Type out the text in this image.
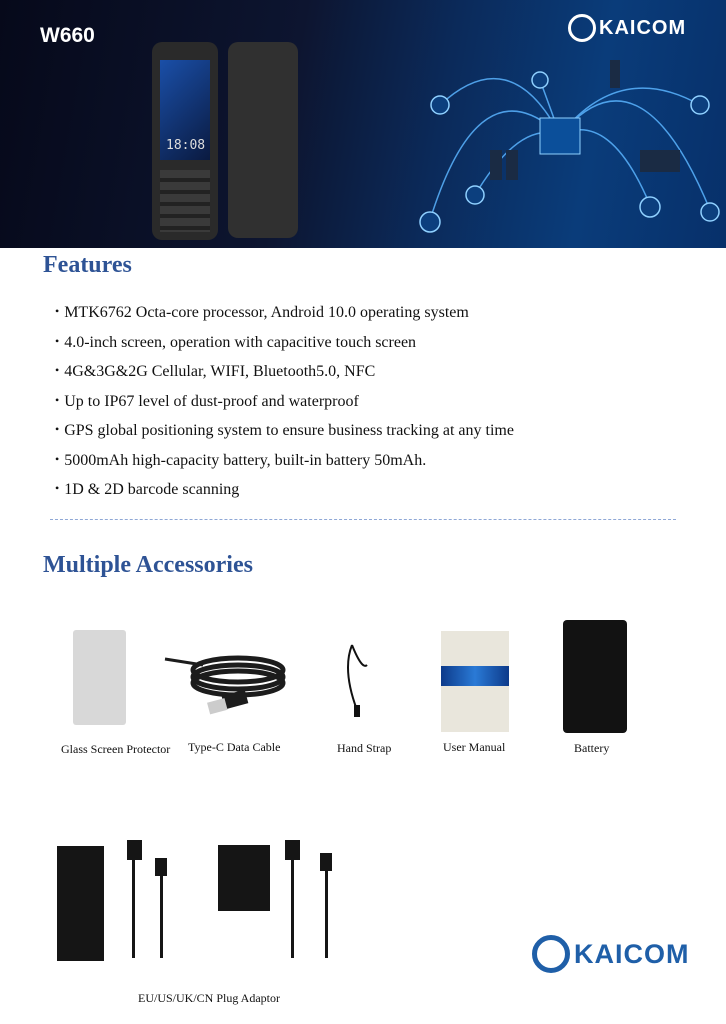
W660	KAICOM
18:08
Features
• MTK6762 Octa-core processor, Android 10.0 operating system
• 4.0-inch screen, operation with capacitive touch screen
• 4G&3G&2G Cellular, WIFI, Bluetooth5.0, NFC
• Up to IP67 level of dust-proof and waterproof
• GPS global positioning system to ensure business tracking at any time
• 5000mAh high-capacity battery, built-in battery 50mAh.
• 1D & 2D barcode scanning
Multiple Accessories
Glass Screen Protector Type-C Data Cable	Hand Strap	User Manual	Battery
EU/US/UK/CN Plug Adaptor
KAICOM
